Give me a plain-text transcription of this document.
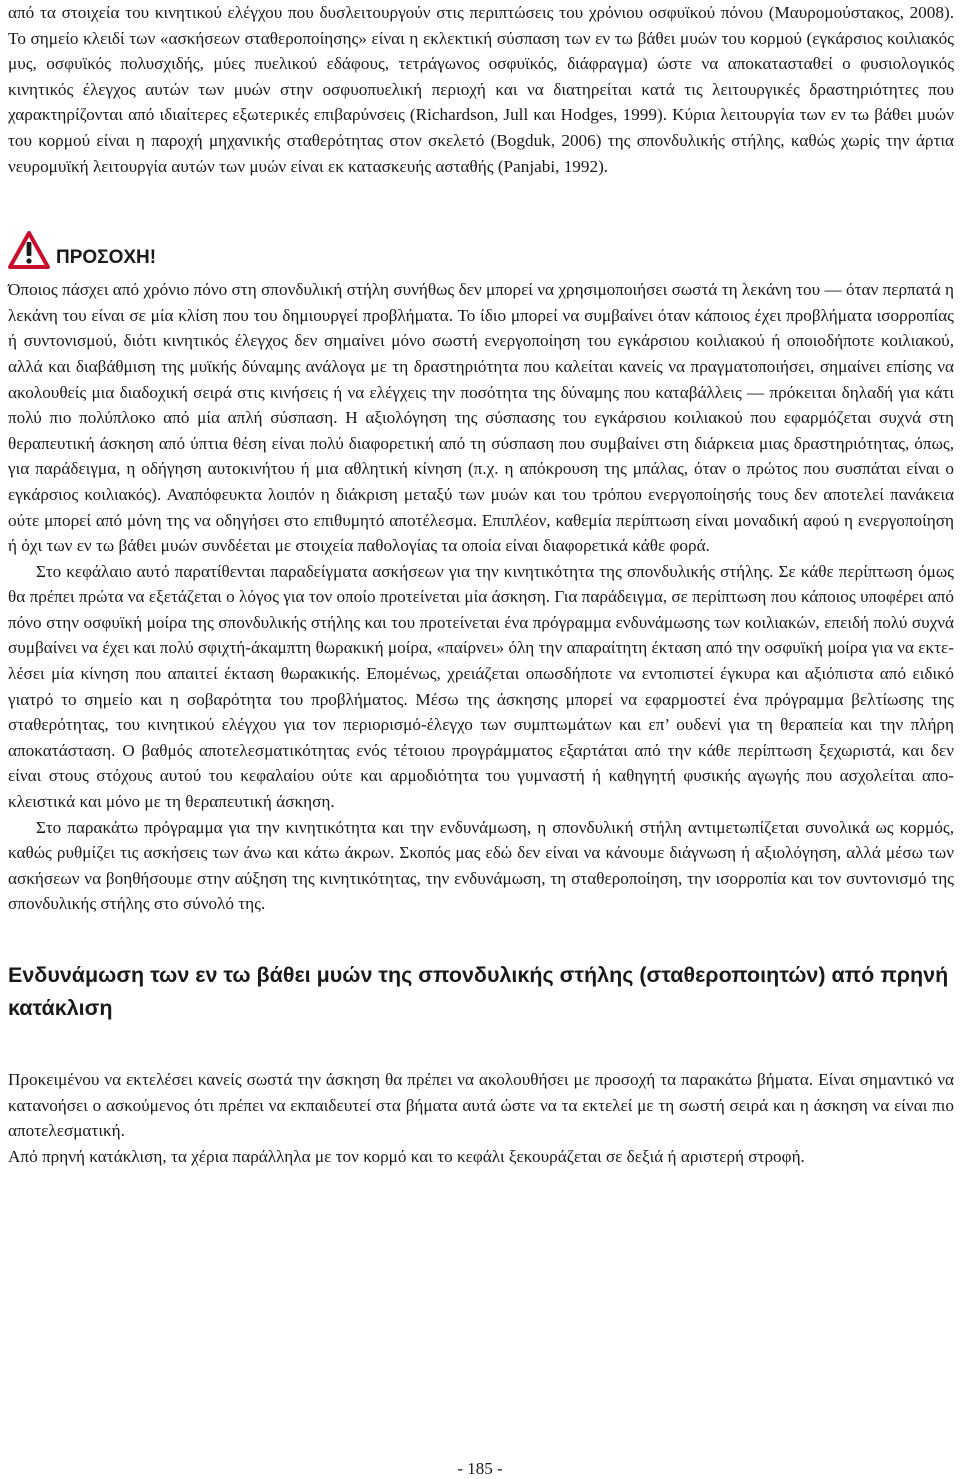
από τα στοιχεία του κινητικού ελέγχου που δυσλειτουργούν στις περιπτώσεις του χρόνιου οσφυϊκού πόνου (Μαυρομούστακος, 2008). Το σημείο κλειδί των «ασκήσεων σταθεροποίησης» είναι η εκλεκτική σύσπαση των εν τω βάθει μυών του κορμού (εγκάρσιος κοιλιακός μυς, οσφυϊκός πολυσχιδής, μύες πυελικού εδάφους, τετράγωνος οσφυϊκός, διάφραγμα) ώστε να αποκατασταθεί ο φυσιολογικός κινητικός έλεγχος αυτών των μυών στην οσφυοπυελική περιοχή και να διατηρείται κατά τις λειτουργικές δραστηριότητες που χαρακτηρίζονται από ιδιαίτερες εξωτερικές επιβαρύνσεις (Richardson, Jull και Hodges, 1999). Κύρια λειτουργία των εν τω βάθει μυών του κορμού είναι η παροχή μηχανικής σταθερότητας στον σκελετό (Bogduk, 2006) της σπονδυλικής στήλης, καθώς χωρίς την άρτια νευρομυϊκή λειτουργία αυτών των μυών είναι εκ κατασκευής ασταθής (Panjabi, 1992).

ΠΡΟΣΟΧΗ!

Όποιος πάσχει από χρόνιο πόνο στη σπονδυλική στήλη συνήθως δεν μπορεί να χρησιμοποιήσει σωστά τη λεκάνη του — όταν περπατά η λεκάνη του είναι σε μία κλίση που του δημιουργεί προβλήματα. Το ίδιο μπορεί να συμβαίνει όταν κάποιος έχει προβλήματα ισορροπίας ή συντονισμού, διότι κινητικός έλεγχος δεν σημαίνει μόνο σωστή ενεργοποίηση του εγκάρσιου κοιλιακού ή οποιοδήποτε κοιλιακού, αλλά και διαβάθμιση της μυϊκής δύναμης ανάλογα με τη δραστηριότητα που καλείται κανείς να πραγματοποιήσει, σημαίνει επίσης να ακολουθείς μια διαδοχική σειρά στις κινήσεις ή να ελέγχεις την ποσότητα της δύναμης που καταβάλλεις — πρόκειται δηλαδή για κάτι πολύ πιο πολύπλοκο από μία απλή σύσπαση. Η αξιολόγηση της σύσπασης του εγκάρσιου κοιλιακού που εφαρμόζεται συχνά στη θεραπευτική άσκηση από ύπτια θέση είναι πολύ διαφορετική από τη σύσπαση που συμβαίνει στη διάρκεια μιας δραστηριότητας, όπως, για παράδειγμα, η οδήγηση αυτοκινήτου ή μια αθλητική κίνηση (π.χ. η απόκρουση της μπάλας, όταν ο πρώτος που συσπάται είναι ο εγκάρσιος κοιλιακός). Αναπόφευκτα λοιπόν η διάκριση μεταξύ των μυών και του τρόπου ενεργοποίησής τους δεν αποτελεί πανάκεια ούτε μπορεί από μόνη της να οδηγήσει στο επιθυμητό αποτέλεσμα. Επιπλέον, καθεμία περίπτωση είναι μοναδική αφού η ενεργοποίηση ή όχι των εν τω βάθει μυών συνδέεται με στοιχεία παθολογίας τα οποία είναι διαφορετικά κάθε φορά.

Στο κεφάλαιο αυτό παρατίθενται παραδείγματα ασκήσεων για την κινητικότητα της σπονδυλικής στήλης. Σε κάθε περίπτωση όμως θα πρέπει πρώτα να εξετάζεται ο λόγος για τον οποίο προτείνεται μία άσκηση. Για παράδειγμα, σε περίπτωση που κάποιος υποφέρει από πόνο στην οσφυϊκή μοίρα της σπονδυλικής στήλης και του προτείνεται ένα πρόγραμμα ενδυνάμωσης των κοιλιακών, επειδή πολύ συχνά συμβαίνει να έχει και πολύ σφιχτή-άκαμπτη θωρακική μοίρα, «παίρνει» όλη την απαραίτητη έκταση από την οσφυϊκή μοίρα για να εκτελέσει μία κίνηση που απαιτεί έκταση θωρακικής. Επομένως, χρειάζεται οπωσδήποτε να εντοπιστεί έγκυρα και αξιόπιστα από ειδικό γιατρό το σημείο και η σοβαρότητα του προβλήματος. Μέσω της άσκησης μπορεί να εφαρμοστεί ένα πρόγραμμα βελτίωσης της σταθερότητας, του κινητικού ελέγχου για τον περιορισμό-έλεγχο των συμπτωμάτων και επ’ ουδενί για τη θεραπεία και την πλήρη αποκατάσταση. Ο βαθμός αποτελεσματικότητας ενός τέτοιου προγράμματος εξαρτάται από την κάθε περίπτωση ξεχωριστά, και δεν είναι στους στόχους αυτού του κεφαλαίου ούτε και αρμοδιότητα του γυμναστή ή καθηγητή φυσικής αγωγής που ασχολείται αποκλειστικά και μόνο με τη θεραπευτική άσκηση.

Στο παρακάτω πρόγραμμα για την κινητικότητα και την ενδυνάμωση, η σπονδυλική στήλη αντιμετωπίζεται συνολικά ως κορμός, καθώς ρυθμίζει τις ασκήσεις των άνω και κάτω άκρων. Σκοπός μας εδώ δεν είναι να κάνουμε διάγνωση ή αξιολόγηση, αλλά μέσω των ασκήσεων να βοηθήσουμε στην αύξηση της κινητικότητας, την ενδυνάμωση, τη σταθεροποίηση, την ισορροπία και τον συντονισμό της σπονδυλικής στήλης στο σύνολό της.

Ενδυνάμωση των εν τω βάθει μυών της σπονδυλικής στήλης (σταθεροποιητών) από πρηνή κατάκλιση

Προκειμένου να εκτελέσει κανείς σωστά την άσκηση θα πρέπει να ακολουθήσει με προσοχή τα παρακάτω βήματα. Είναι σημαντικό να κατανοήσει ο ασκούμενος ότι πρέπει να εκπαιδευτεί στα βήματα αυτά ώστε να τα εκτελεί με τη σωστή σειρά και η άσκηση να είναι πιο αποτελεσματική.

Από πρηνή κατάκλιση, τα χέρια παράλληλα με τον κορμό και το κεφάλι ξεκουράζεται σε δεξιά ή αριστερή στροφή.

- 185 -
